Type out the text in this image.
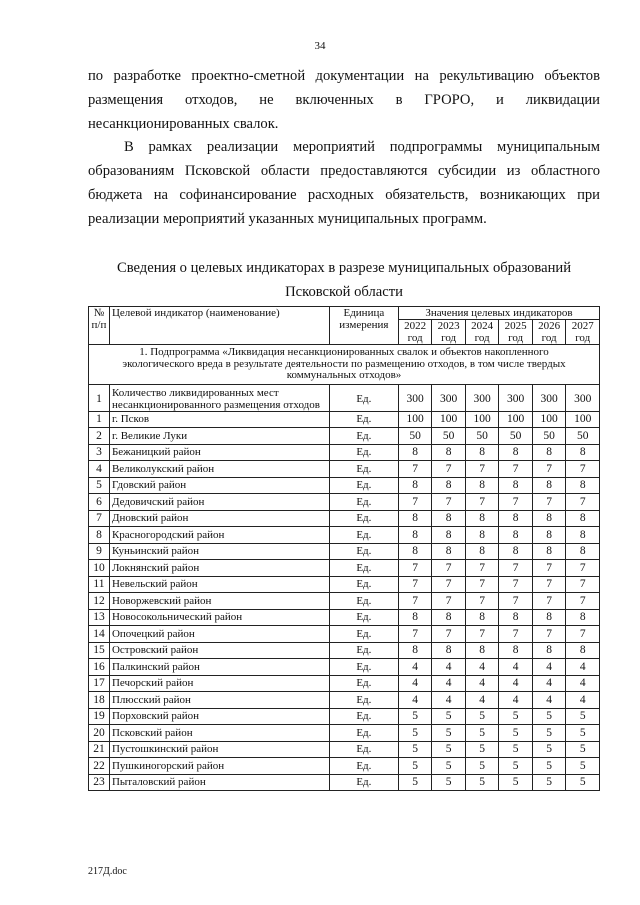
34

по разработке проектно-сметной документации на рекультивацию объектов размещения отходов, не включенных в ГРОРО, и ликвидации несанкционированных свалок.

В рамках реализации мероприятий подпрограммы муниципальным образованиям Псковской области предоставляются субсидии из областного бюджета на софинансирование расходных обязательств, возникающих при реализации мероприятий указанных муниципальных программ.

Сведения о целевых индикаторах в разрезе муниципальных образований Псковской области

№ п/п	Целевой индикатор (наименование)	Единица измерения	Значения целевых индикаторов					
			2022 год	2023 год	2024 год	2025 год	2026 год	2027 год
1. Подпрограмма «Ликвидация несанкционированных свалок и объектов накопленного экологического вреда в результате деятельности по размещению отходов, в том числе твердых коммунальных отходов»								
1	Количество ликвидированных мест несанкционированного размещения отходов	Ед.	300	300	300	300	300	300
1	г. Псков	Ед.	100	100	100	100	100	100
2	г. Великие Луки	Ед.	50	50	50	50	50	50
3	Бежаницкий район	Ед.	8	8	8	8	8	8
4	Великолукский район	Ед.	7	7	7	7	7	7
5	Гдовский район	Ед.	8	8	8	8	8	8
6	Дедовичский район	Ед.	7	7	7	7	7	7
7	Дновский район	Ед.	8	8	8	8	8	8
8	Красногородский район	Ед.	8	8	8	8	8	8
9	Куньинский район	Ед.	8	8	8	8	8	8
10	Локнянский район	Ед.	7	7	7	7	7	7
11	Невельский район	Ед.	7	7	7	7	7	7
12	Новоржевский район	Ед.	7	7	7	7	7	7
13	Новосокольнический район	Ед.	8	8	8	8	8	8
14	Опочецкий район	Ед.	7	7	7	7	7	7
15	Островский район	Ед.	8	8	8	8	8	8
16	Палкинский район	Ед.	4	4	4	4	4	4
17	Печорский район	Ед.	4	4	4	4	4	4
18	Плюсский район	Ед.	4	4	4	4	4	4
19	Порховский район	Ед.	5	5	5	5	5	5
20	Псковский район	Ед.	5	5	5	5	5	5
21	Пустошкинский район	Ед.	5	5	5	5	5	5
22	Пушкиногорский район	Ед.	5	5	5	5	5	5
23	Пыталовский район	Ед.	5	5	5	5	5	5
217Д.doc
